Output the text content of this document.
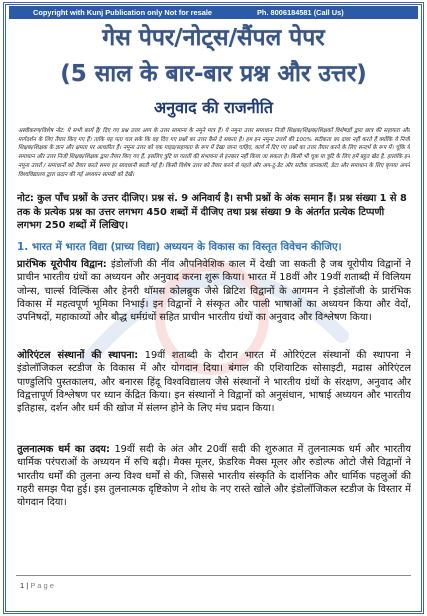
Copyright with Kunj Publication only Not for resale	Ph. 8006184581 (Call Us)
गेस पेपर/नोट्स/सैंपल पेपर
(5 साल के बार-बार प्रश्न और उत्तर)
अनुवाद की राजनीति

अस्वीकरण/विशेष नोट: ये सभी कार्य हैं/ दिए गए प्रश्न उत्तर आप के उत्तर सामान्य के नमूने मात्र हैं। ये नमूना उत्तर समाधान निजी शिक्षक/शिक्षक/शिक्षकों विशेषज्ञों द्वारा छात्र की सहायता और मार्गदर्शन के लिए तैयार किए गए हैं। ताकि यह पता चल सके कि वह दिए गए प्रश्नों का उत्तर कैसे दे सकता है। हम इन नमूना उत्तरों की 100% सटीकता का दावा नहीं करते हैं क्योंकि ये निजी शिक्षक/शिक्षक के ज्ञान और क्षमता पर आधारित हैं। नमूना उत्तर को एक गाइड/सहायता के रूप में देखा जाना चाहिए, कार्य में दिए गए प्रश्नों का उत्तर तैयार करने के लिए सन्दर्भ के रूप में। चूंकि ये समाधान और उत्तर निजी शिक्षक/शिक्षक द्वारा तैयार किए गए हैं, इसलिए त्रुटि या गलती की संभावना से इनकार नहीं किया जा सकता है। किसी भी चूक या त्रुटि के लिए हमें बहुत खेद है, हालांकि इन नमूना उत्तरों / समाधानों को तैयार करते समय हर सावधानी बरती गई है। किसी विशेष उत्तर को तैयार करने से पहले और अप-टू-डेट और सटीक जानकारी, डेटा और समाधान के लिए कृपया अपने विश्वविद्यालय द्वारा प्रदान की गई अध्ययन सामग्री को देखें।

नोट: कुल पाँच प्रश्नों के उत्तर दीजिए। प्रश्न सं. 9 अनिवार्य है। सभी प्रश्नों के अंक समान हैं। प्रश्न संख्या 1 से 8 तक के प्रत्येक प्रश्न का उत्तर लगभग 450 शब्दों में दीजिए तथा प्रश्न संख्या 9 के अंतर्गत प्रत्येक टिप्पणी लगभग 250 शब्दों में लिखिए।

1. भारत में भारत विद्या (प्राच्य विद्या) अध्ययन के विकास का विस्तृत विवेचन कीजिए।

प्रारंभिक यूरोपीय विद्वान: इंडोलॉजी की नींव औपनिवेशिक काल में देखी जा सकती है जब यूरोपीय विद्वानों ने प्राचीन भारतीय ग्रंथों का अध्ययन और अनुवाद करना शुरू किया। भारत में 18वीं और 19वीं शताब्दी में विलियम जोन्स, चार्ल्स विल्किंस और हेनरी थॉमस कोलब्रुक जैसे ब्रिटिश विद्वानों के आगमन ने इंडोलॉजी के प्रारंभिक विकास में महत्वपूर्ण भूमिका निभाई। इन विद्वानों ने संस्कृत और पाली भाषाओं का अध्ययन किया और वेदों, उपनिषदों, महाकाव्यों और बौद्ध धर्मग्रंथों सहित प्राचीन भारतीय ग्रंथों का अनुवाद और विश्लेषण किया।

ओरिएंटल संस्थानों की स्थापना: 19वीं शताब्दी के दौरान भारत में ओरिएंटल संस्थानों की स्थापना ने इंडोलॉजिकल स्टडीज के विकास में और योगदान दिया। बंगाल की एशियाटिक सोसाइटी, मद्रास ओरिएंटल पाण्डुलिपि पुस्तकालय, और बनारस हिंदू विश्वविद्यालय जैसे संस्थानों ने भारतीय ग्रंथों के संरक्षण, अनुवाद और विद्वत्तापूर्ण विश्लेषण पर ध्यान केंद्रित किया। इन संस्थानों ने विद्वानों को अनुसंधान, भाषाई अध्ययन और भारतीय इतिहास, दर्शन और धर्म की खोज में संलग्न होने के लिए मंच प्रदान किया।

तुलनात्मक धर्म का उदय: 19वीं सदी के अंत और 20वीं सदी की शुरुआत में तुलनात्मक धर्म और भारतीय धार्मिक परंपराओं के अध्ययन में रुचि बढ़ी। मैक्स मूलर, फ्रेडरिक मैक्स मूलर और रुडोल्फ ओटो जैसे विद्वानों ने भारतीय धर्मों की तुलना अन्य विश्व धर्मों से की, जिससे भारतीय संस्कृति के दार्शनिक और धार्मिक पहलुओं की गहरी समझ पैदा हुई। इस तुलनात्मक दृष्टिकोण ने शोध के नए रास्ते खोले और इंडोलॉजिकल स्टडीज के विस्तार में योगदान दिया।

1 | P a g e
